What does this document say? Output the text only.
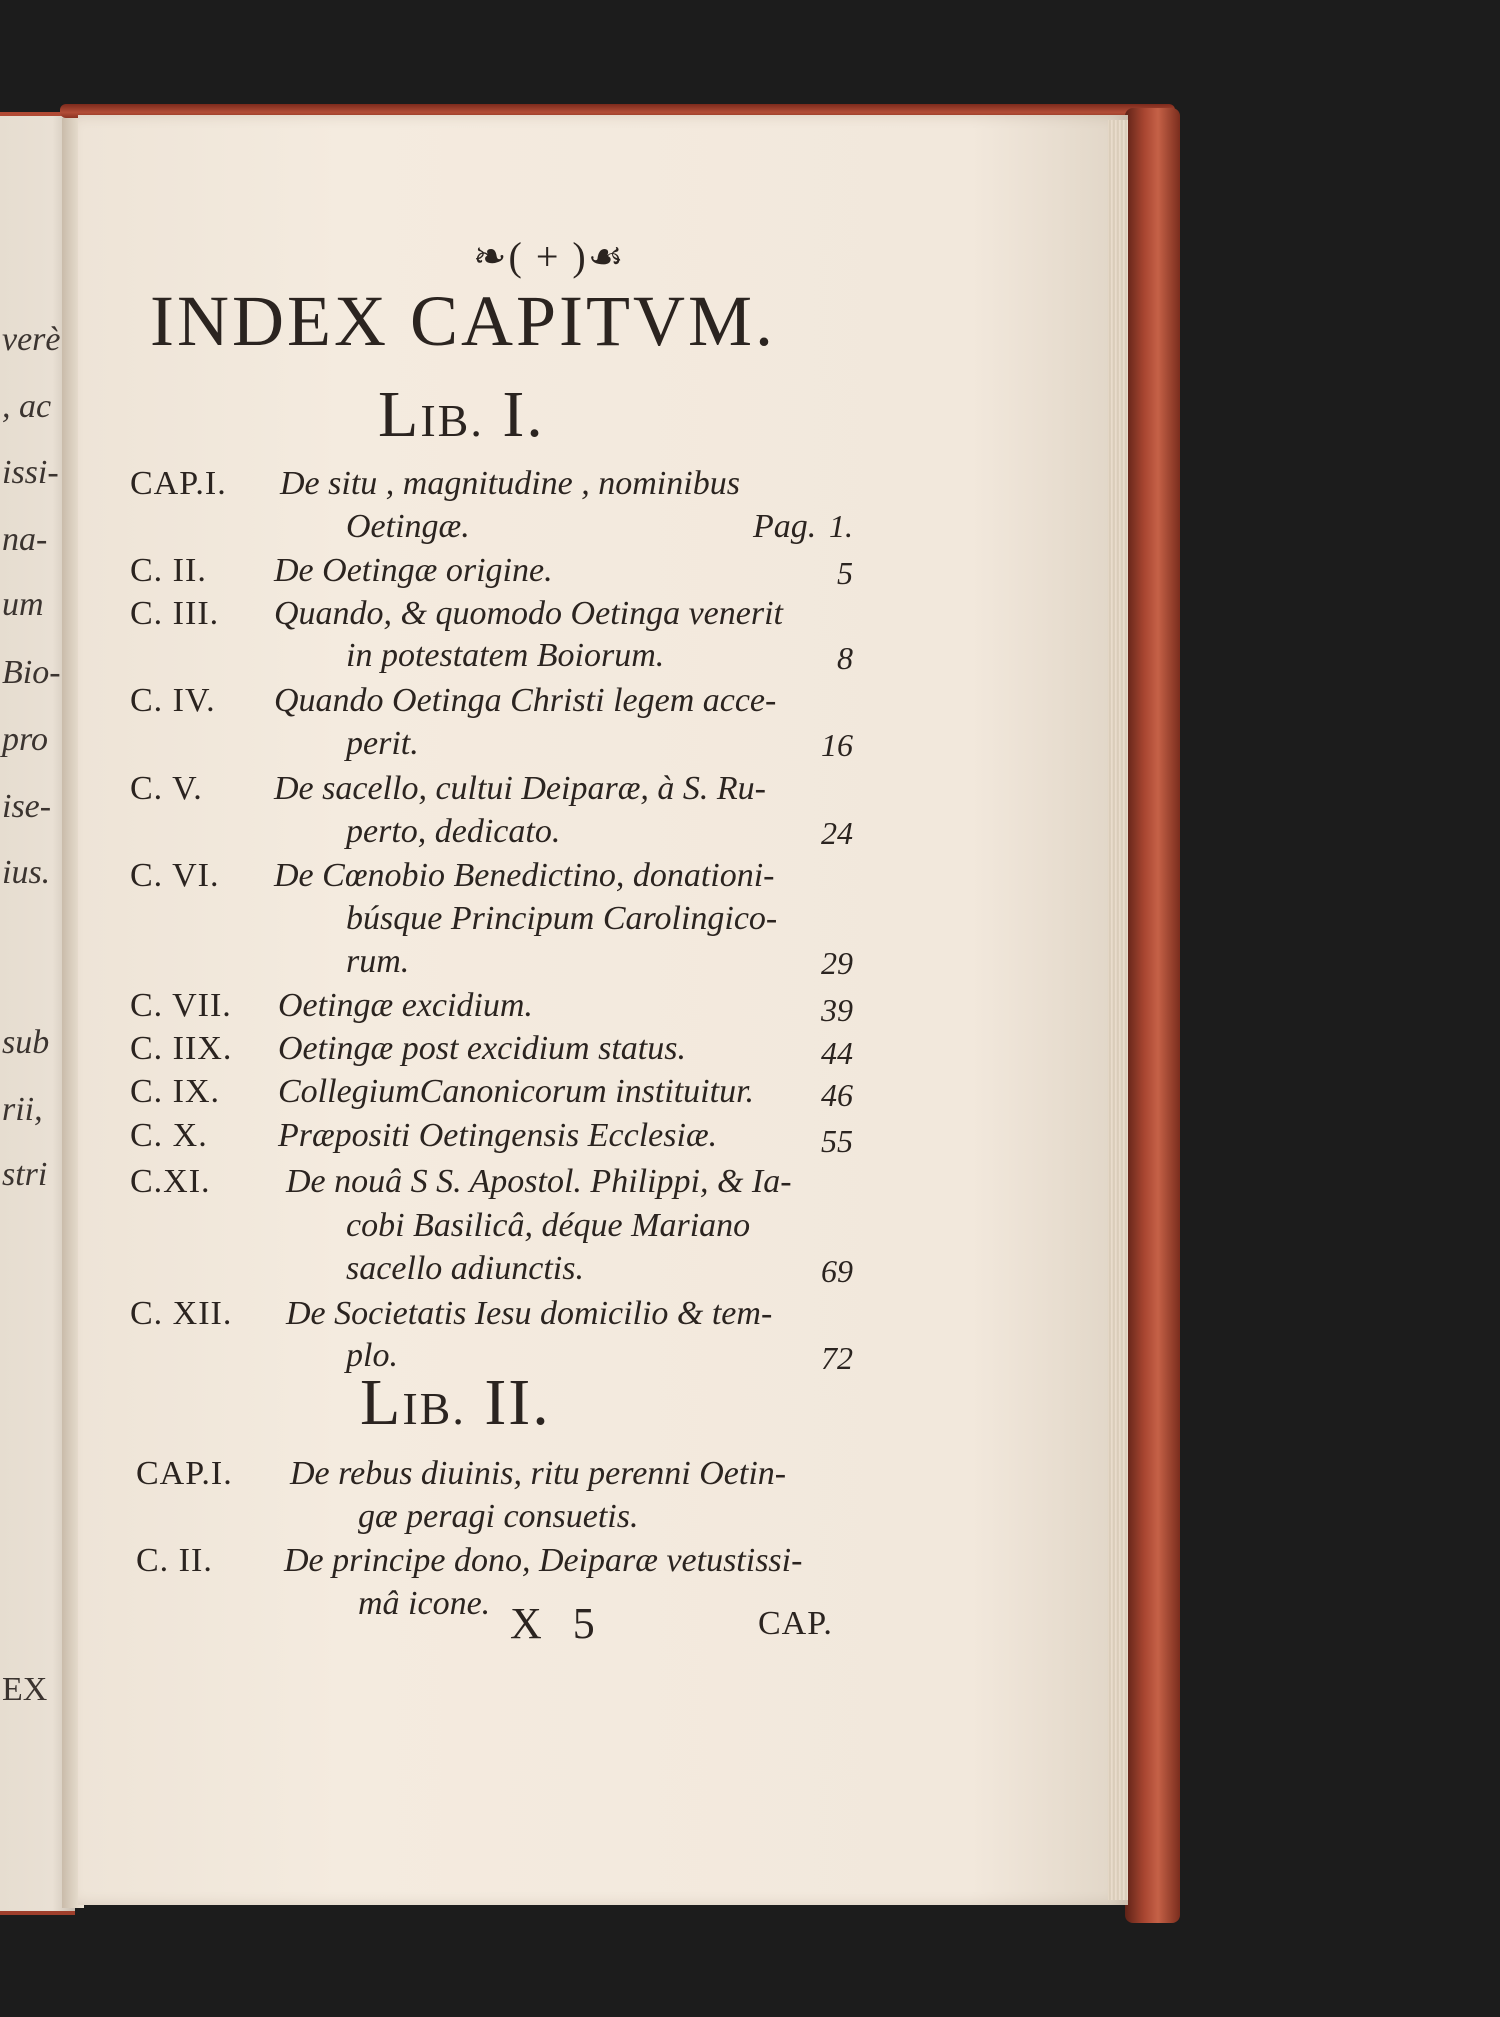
verè
, ac
issi-
na-
um
Bio-
pro
ise-
ius.
sub
rii,
stri
EX
❧( + )☙
INDEX CAPITVM.
LIB. I.
CAP.I. De situ , magnitudine , nominibus
Oetingæ.	Pag. 1.
C. II. De Oetingæ origine.	5
C. III. Quando, & quomodo Oetinga venerit
in potestatem Boiorum.	8
C. IV. Quando Oetinga Christi legem acce-
perit.	16
C. V. De sacello, cultui Deiparæ, à S. Ru-
perto, dedicato.	24
C. VI. De Cœnobio Benedictino, donationi-
búsque Principum Carolingico-
rum.	29
C. VII. Oetingæ excidium.	39
C. IIX. Oetingæ post excidium status.	44
C. IX. CollegiumCanonicorum instituitur.	46
C. X. Præpositi Oetingensis Ecclesiæ.	55
C.XI. De nouâ S S. Apostol. Philippi, & Ia-
cobi Basilicâ, déque Mariano
sacello adiunctis.	69
C. XII. De Societatis Iesu domicilio & tem-
plo.	72
LIB. II.
CAP.I. De rebus diuinis, ritu perenni Oetin-
gæ peragi consuetis.
C. II. De principe dono, Deiparæ vetustissi-
mâ icone. X 5	CAP.
